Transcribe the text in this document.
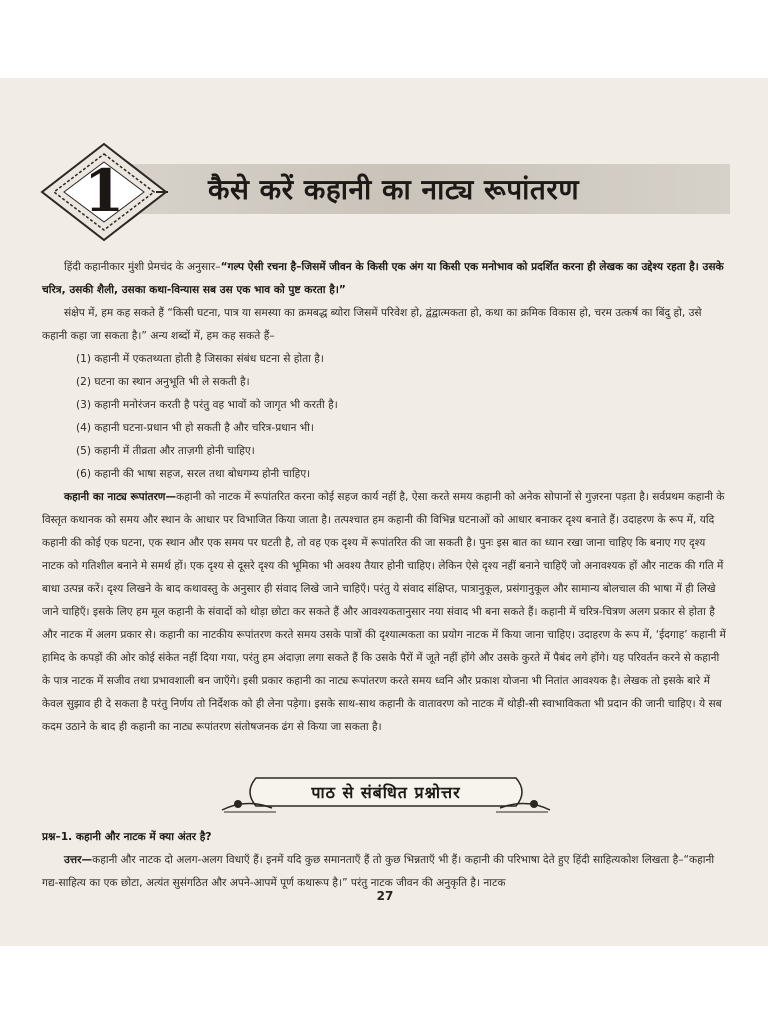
1	कैसे करें कहानी का नाट्य रूपांतरण

हिंदी कहानीकार मुंशी प्रेमचंद के अनुसार–“गल्प ऐसी रचना है–जिसमें जीवन के किसी एक अंग या किसी एक मनोभाव को प्रदर्शित करना ही लेखक का उद्देश्य रहता है। उसके चरित्र, उसकी शैली, उसका कथा-विन्यास सब उस एक भाव को पुष्ट करता है।”

संक्षेप में, हम कह सकते हैं “किसी घटना, पात्र या समस्या का क्रमबद्ध ब्योरा जिसमें परिवेश हो, द्वंद्वात्मकता हो, कथा का क्रमिक विकास हो, चरम उत्कर्ष का बिंदु हो, उसे कहानी कहा जा सकता है।” अन्य शब्दों में, हम कह सकते हैं–

(1) कहानी में एकतथ्यता होती है जिसका संबंध घटना से होता है।
(2) घटना का स्थान अनुभूति भी ले सकती है।
(3) कहानी मनोरंजन करती है परंतु वह भावों को जागृत भी करती है।
(4) कहानी घटना-प्रधान भी हो सकती है और चरित्र-प्रधान भी।
(5) कहानी में तीव्रता और ताज़गी होनी चाहिए।
(6) कहानी की भाषा सहज, सरल तथा बोधगम्य होनी चाहिए।

कहानी का नाट्य रूपांतरण—कहानी को नाटक में रूपांतरित करना कोई सहज कार्य नहीं है, ऐसा करते समय कहानी को अनेक सोपानों से गुज़रना पड़ता है। सर्वप्रथम कहानी के विस्तृत कथानक को समय और स्थान के आधार पर विभाजित किया जाता है। तत्पश्चात हम कहानी की विभिन्न घटनाओं को आधार बनाकर दृश्य बनाते हैं। उदाहरण के रूप में, यदि कहानी की कोई एक घटना, एक स्थान और एक समय पर घटती है, तो वह एक दृश्य में रूपांतरित की जा सकती है। पुनः इस बात का ध्यान रखा जाना चाहिए कि बनाए गए दृश्य नाटक को गतिशील बनाने मे समर्थ हों। एक दृश्य से दूसरे दृश्य की भूमिका भी अवश्य तैयार होनी चाहिए। लेकिन ऐसे दृश्य नहीं बनाने चाहिएँ जो अनावश्यक हों और नाटक की गति में बाधा उत्पन्न करें। दृश्य लिखने के बाद कथावस्तु के अनुसार ही संवाद लिखे जाने चाहिएँ। परंतु ये संवाद संक्षिप्त, पात्रानुकूल, प्रसंगानुकूल और सामान्य बोलचाल की भाषा में ही लिखे जाने चाहिएँ। इसके लिए हम मूल कहानी के संवादों को थोड़ा छोटा कर सकते हैं और आवश्यकतानुसार नया संवाद भी बना सकते हैं। कहानी में चरित्र-चित्रण अलग प्रकार से होता है और नाटक में अलग प्रकार से। कहानी का नाटकीय रूपांतरण करते समय उसके पात्रों की दृश्यात्मकता का प्रयोग नाटक में किया जाना चाहिए। उदाहरण के रूप में, ‘ईदगाह’ कहानी में हामिद के कपड़ों की ओर कोई संकेत नहीं दिया गया, परंतु हम अंदाज़ा लगा सकते हैं कि उसके पैरों में जूते नहीं होंगे और उसके कुरते में पैबंद लगे होंगे। यह परिवर्तन करने से कहानी के पात्र नाटक में सजीव तथा प्रभावशाली बन जाएँगे। इसी प्रकार कहानी का नाट्य रूपांतरण करते समय ध्वनि और प्रकाश योजना भी नितांत आवश्यक है। लेखक तो इसके बारे में केवल सुझाव ही दे सकता है परंतु निर्णय तो निर्देशक को ही लेना पड़ेगा। इसके साथ-साथ कहानी के वातावरण को नाटक में थोड़ी-सी स्वाभाविकता भी प्रदान की जानी चाहिए। ये सब कदम उठाने के बाद ही कहानी का नाट्य रूपांतरण संतोषजनक ढंग से किया जा सकता है।

पाठ से संबंधित प्रश्नोत्तर

प्रश्न–1. कहानी और नाटक में क्या अंतर है?

उत्तर—कहानी और नाटक दो अलग-अलग विधाएँ हैं। इनमें यदि कुछ समानताएँ हैं तो कुछ भिन्नताएँ भी हैं। कहानी की परिभाषा देते हुए हिंदी साहित्यकोश लिखता है–“कहानी गद्य-साहित्य का एक छोटा, अत्यंत सुसंगठित और अपने-आपमें पूर्ण कथारूप है।” परंतु नाटक जीवन की अनुकृति है। नाटक

27
